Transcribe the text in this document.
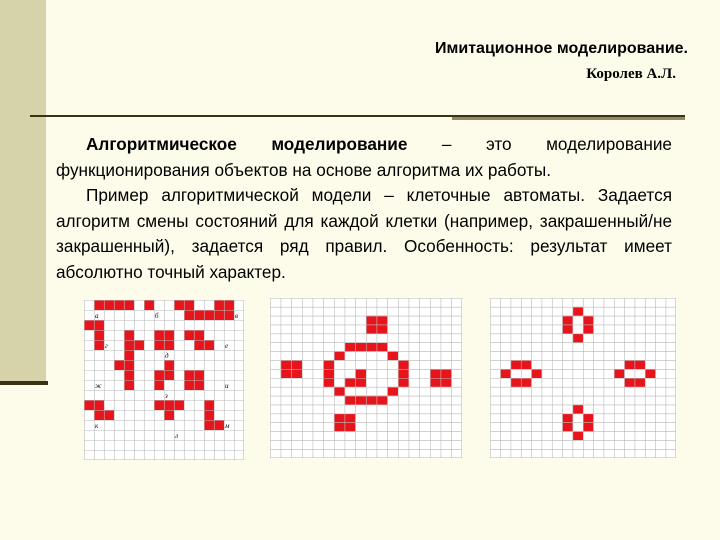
Имитационное моделирование.
Королев А.Л.

Алгоритмическое моделирование – это моделирование функционирования объектов на основе алгоритма их работы.

Пример алгоритмической модели – клеточные автоматы. Задается алгоритм смены состояний для каждой клетки (например, закрашенный/не закрашенный), задается ряд правил. Особенность: результат имеет абсолютно точный характер.

а	б	в
г
д
е
ж
з
и
к
л
м
